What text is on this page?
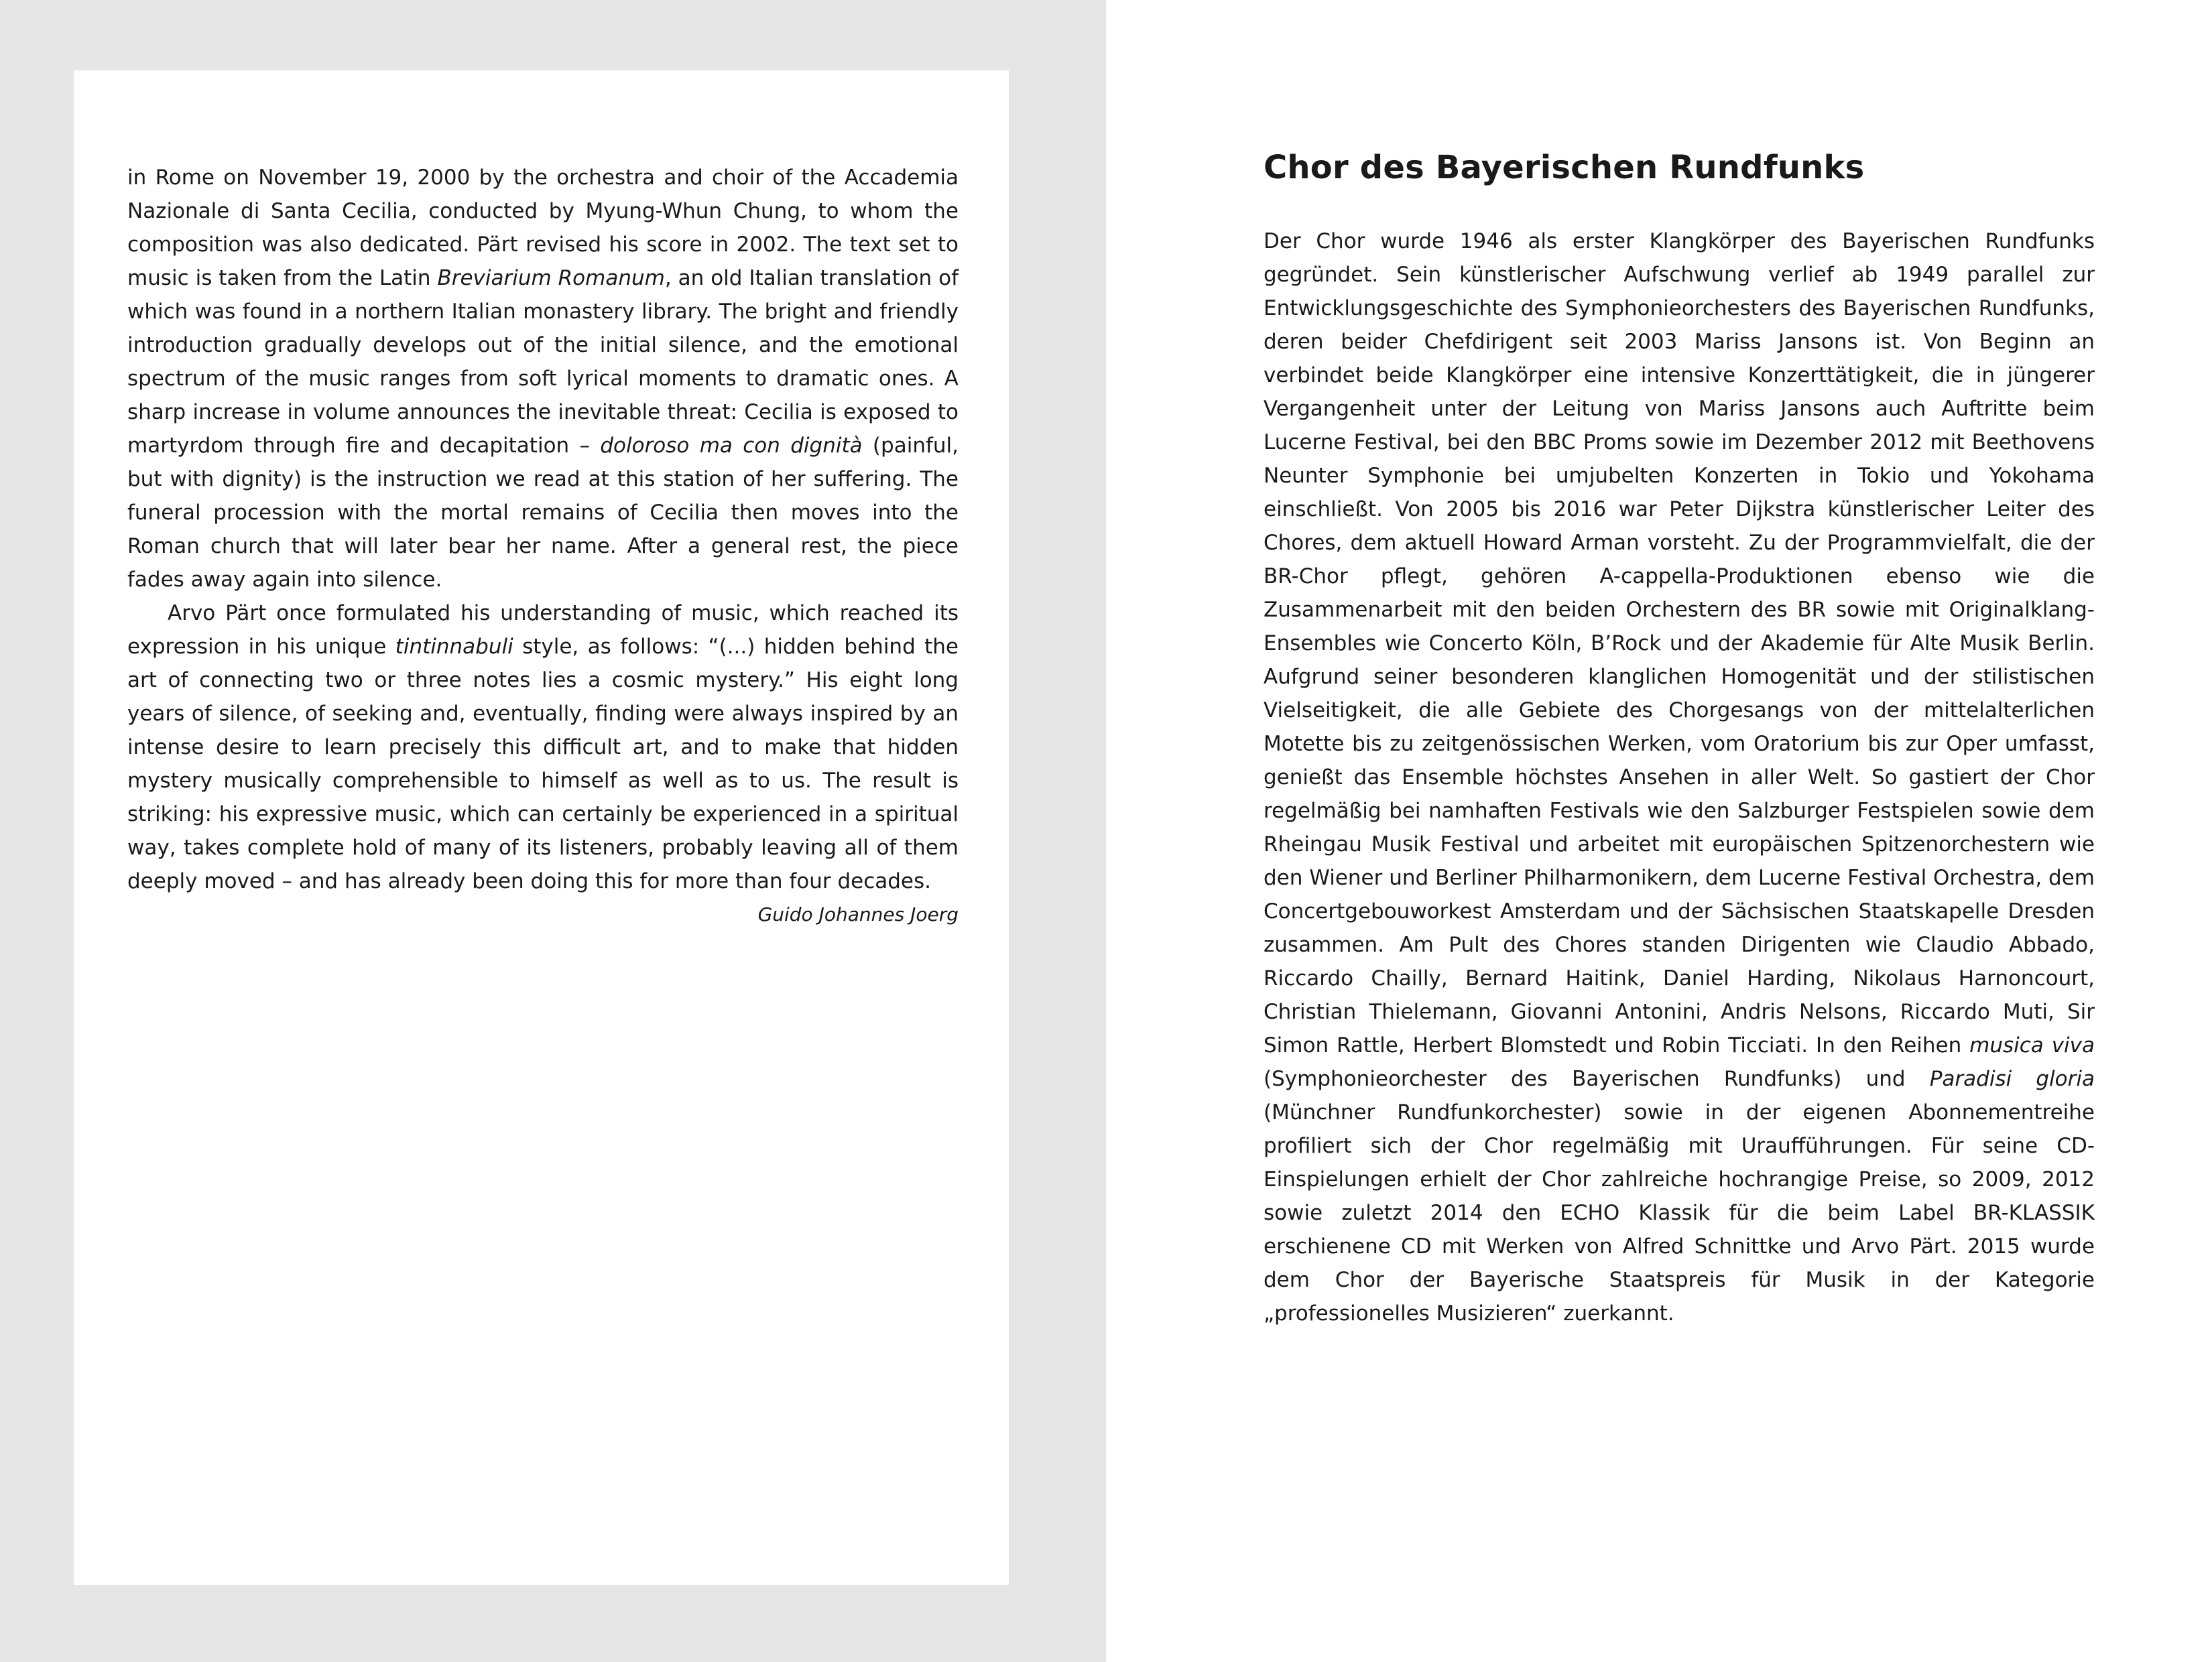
in Rome on November 19, 2000 by the orchestra and choir of the Accademia Nazionale di Santa Cecilia, conducted by Myung-Whun Chung, to whom the composition was also dedicated. Pärt revised his score in 2002. The text set to music is taken from the Latin Breviarium Romanum, an old Italian translation of which was found in a northern Italian monastery library. The bright and friendly introduction gradually develops out of the initial silence, and the emotional spectrum of the music ranges from soft lyrical moments to dramatic ones. A sharp increase in volume announces the inevitable threat: Cecilia is exposed to martyrdom through fire and decapitation – doloroso ma con dignità (painful, but with dignity) is the instruction we read at this station of her suffering. The funeral procession with the mortal remains of Cecilia then moves into the Roman church that will later bear her name. After a general rest, the piece fades away again into silence.

Arvo Pärt once formulated his understanding of music, which reached its expression in his unique tintinnabuli style, as follows: “(...) hidden behind the art of connecting two or three notes lies a cosmic mystery.” His eight long years of silence, of seeking and, eventually, finding were always inspired by an intense desire to learn precisely this difficult art, and to make that hidden mystery musically comprehensible to himself as well as to us. The result is striking: his expressive music, which can certainly be experienced in a spiritual way, takes complete hold of many of its listeners, probably leaving all of them deeply moved – and has already been doing this for more than four decades.

Guido Johannes Joerg

Chor des Bayerischen Rundfunks

Der Chor wurde 1946 als erster Klangkörper des Bayerischen Rundfunks gegründet. Sein künstlerischer Aufschwung verlief ab 1949 parallel zur Entwicklungsgeschichte des Symphonieorchesters des Bayerischen Rundfunks, deren beider Chefdirigent seit 2003 Mariss Jansons ist. Von Beginn an verbindet beide Klangkörper eine intensive Konzerttätigkeit, die in jüngerer Vergangenheit unter der Leitung von Mariss Jansons auch Auftritte beim Lucerne Festival, bei den BBC Proms sowie im Dezember 2012 mit Beethovens Neunter Symphonie bei umjubelten Konzerten in Tokio und Yokohama einschließt. Von 2005 bis 2016 war Peter Dijkstra künstlerischer Leiter des Chores, dem aktuell Howard Arman vorsteht. Zu der Programmvielfalt, die der BR-Chor pflegt, gehören A-cappella-Produktionen ebenso wie die Zusammenarbeit mit den beiden Orchestern des BR sowie mit Originalklang-Ensembles wie Concerto Köln, B’Rock und der Akademie für Alte Musik Berlin. Aufgrund seiner besonderen klanglichen Homogenität und der stilistischen Vielseitigkeit, die alle Gebiete des Chorgesangs von der mittelalterlichen Motette bis zu zeitgenössischen Werken, vom Oratorium bis zur Oper umfasst, genießt das Ensemble höchstes Ansehen in aller Welt. So gastiert der Chor regelmäßig bei namhaften Festivals wie den Salzburger Festspielen sowie dem Rheingau Musik Festival und arbeitet mit europäischen Spitzenorchestern wie den Wiener und Berliner Philharmonikern, dem Lucerne Festival Orchestra, dem Concertgebouworkest Amsterdam und der Sächsischen Staatskapelle Dresden zusammen. Am Pult des Chores standen Dirigenten wie Claudio Abbado, Riccardo Chailly, Bernard Haitink, Daniel Harding, Nikolaus Harnoncourt, Christian Thielemann, Giovanni Antonini, Andris Nelsons, Riccardo Muti, Sir Simon Rattle, Herbert Blomstedt und Robin Ticciati. In den Reihen musica viva (Symphonieorchester des Bayerischen Rundfunks) und Paradisi gloria (Münchner Rundfunkorchester) sowie in der eigenen Abonnementreihe profiliert sich der Chor regelmäßig mit Uraufführungen. Für seine CD-Einspielungen erhielt der Chor zahlreiche hochrangige Preise, so 2009, 2012 sowie zuletzt 2014 den ECHO Klassik für die beim Label BR-KLASSIK erschienene CD mit Werken von Alfred Schnittke und Arvo Pärt. 2015 wurde dem Chor der Bayerische Staatspreis für Musik in der Kategorie „professionelles Musizieren“ zuerkannt.
